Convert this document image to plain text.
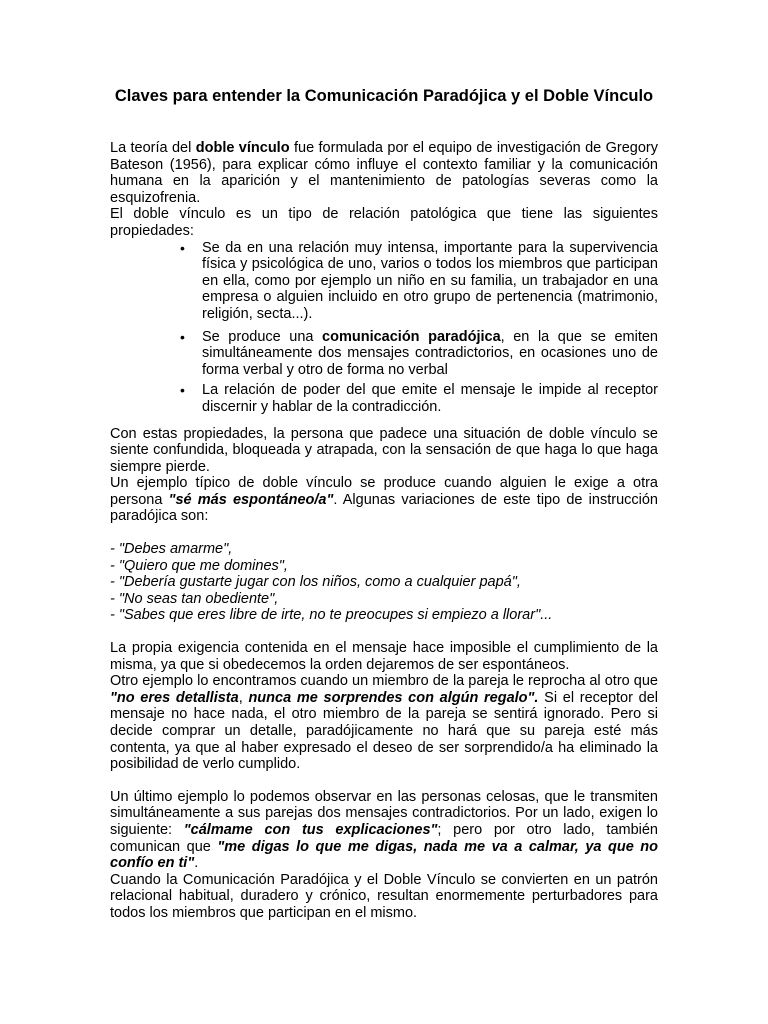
Claves para entender la Comunicación Paradójica y el Doble Vínculo

La teoría del doble vínculo fue formulada por el equipo de investigación de Gregory Bateson (1956), para explicar cómo influye el contexto familiar y la comunicación humana en la aparición y el mantenimiento de patologías severas como la esquizofrenia.

El doble vínculo es un tipo de relación patológica que tiene las siguientes propiedades:

• Se da en una relación muy intensa, importante para la supervivencia física y psicológica de uno, varios o todos los miembros que participan en ella, como por ejemplo un niño en su familia, un trabajador en una empresa o alguien incluido en otro grupo de pertenencia (matrimonio, religión, secta...).
• Se produce una comunicación paradójica, en la que se emiten simultáneamente dos mensajes contradictorios, en ocasiones uno de forma verbal y otro de forma no verbal
• La relación de poder del que emite el mensaje le impide al receptor discernir y hablar de la contradicción.

Con estas propiedades, la persona que padece una situación de doble vínculo se siente confundida, bloqueada y atrapada, con la sensación de que haga lo que haga siempre pierde.

Un ejemplo típico de doble vínculo se produce cuando alguien le exige a otra persona "sé más espontáneo/a". Algunas variaciones de este tipo de instrucción paradójica son:

- "Debes amarme",
- "Quiero que me domines",
- "Debería gustarte jugar con los niños, como a cualquier papá",
- "No seas tan obediente",
- "Sabes que eres libre de irte, no te preocupes si empiezo a llorar"...

La propia exigencia contenida en el mensaje hace imposible el cumplimiento de la misma, ya que si obedecemos la orden dejaremos de ser espontáneos.

Otro ejemplo lo encontramos cuando un miembro de la pareja le reprocha al otro que "no eres detallista, nunca me sorprendes con algún regalo". Si el receptor del mensaje no hace nada, el otro miembro de la pareja se sentirá ignorado. Pero si decide comprar un detalle, paradójicamente no hará que su pareja esté más contenta, ya que al haber expresado el deseo de ser sorprendido/a ha eliminado la posibilidad de verlo cumplido.

Un último ejemplo lo podemos observar en las personas celosas, que le transmiten simultáneamente a sus parejas dos mensajes contradictorios. Por un lado, exigen lo siguiente: "cálmame con tus explicaciones"; pero por otro lado, también comunican que "me digas lo que me digas, nada me va a calmar, ya que no confío en ti".

Cuando la Comunicación Paradójica y el Doble Vínculo se convierten en un patrón relacional habitual, duradero y crónico, resultan enormemente perturbadores para todos los miembros que participan en el mismo.
